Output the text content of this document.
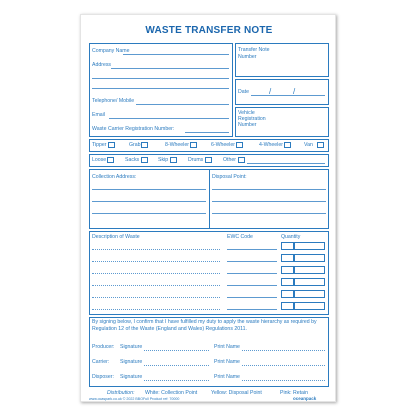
WASTE TRANSFER NOTE
Company Name
Address
Telephone/ Mobile
Email
Waste Carrier Registration Number:
Transfer Note
Number
Date	/	/
Vehicle
Registration
Number
Tipper	Grab	8-Wheeler	6-Wheeler	4-Wheeler	Van
Loose	Sacks	Skip	Drums	Other
Collection Address:	Disposal Point:
Description of Waste	EWC Code	Quantity
By signing below, I confirm that I have fulfilled my duty to apply the waste hierarchy as required by Regulation 12 of the Waste (England and Wales) Regulations 2011.
Producer: Signature	Print Name
Carrier: Signature	Print Name
Disposer: Signature	Print Name
Distribution: White: Collection Point	Yellow: Disposal Point	Pink: Retain
www.ocaspark.co.uk © 2022 BBOFull Product ref: 70000	oceanpack
